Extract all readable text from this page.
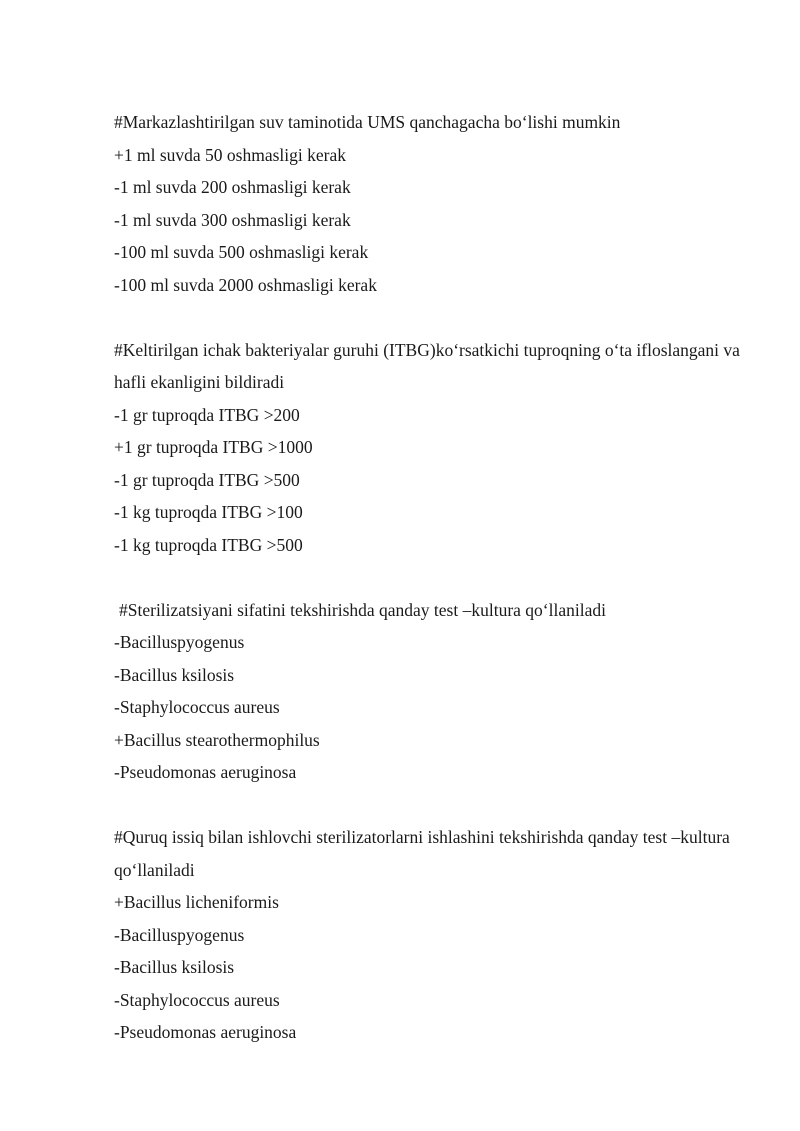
#Markazlashtirilgan suv taminotida UMS qanchagacha bo‘lishi mumkin
+1 ml suvda 50 oshmasligi kerak
-1 ml suvda 200 oshmasligi kerak
-1 ml suvda 300 oshmasligi kerak
-100 ml suvda 500 oshmasligi kerak
-100 ml suvda 2000 oshmasligi kerak
#Keltirilgan ichak bakteriyalar guruhi (ITBG)ko‘rsatkichi tuproqning o‘ta ifloslangani va hafli ekanligini bildiradi
-1 gr tuproqda ITBG >200
+1 gr tuproqda ITBG >1000
-1 gr tuproqda ITBG >500
-1 kg tuproqda ITBG >100
-1 kg tuproqda ITBG >500
#Sterilizatsiyani sifatini tekshirishda qanday test –kultura qo‘llaniladi
-Bacilluspyogenus
-Bacillus ksilosis
-Staphylococcus aureus
+Bacillus stearothermophilus
-Pseudomonas aeruginosa
#Quruq issiq bilan ishlovchi sterilizatorlarni ishlashini tekshirishda qanday test –kultura qo‘llaniladi
+Bacillus licheniformis
-Bacilluspyogenus
-Bacillus ksilosis
-Staphylococcus aureus
-Pseudomonas aeruginosa
